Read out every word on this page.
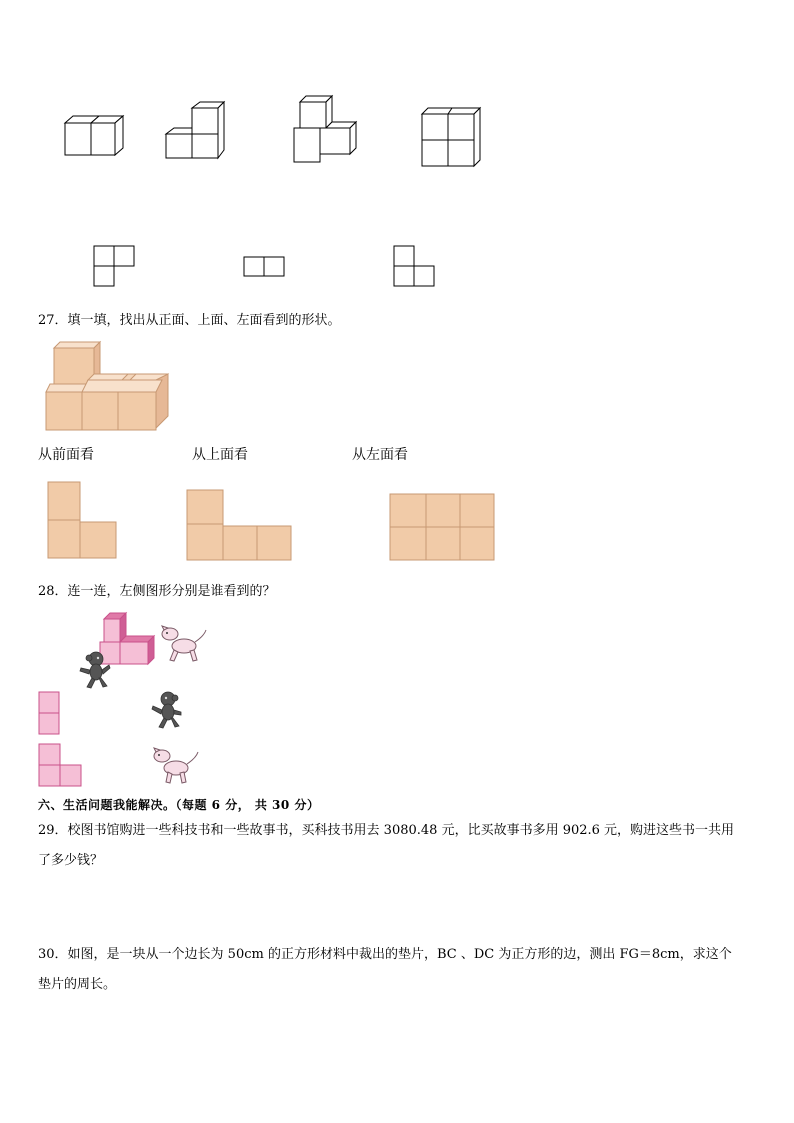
27．填一填，找出从正面、上面、左面看到的形状。
从前面看	从上面看	从左面看
28．连一连，左侧图形分别是谁看到的？
六、生活问题我能解决。（每题 6 分， 共 30 分）
29．校图书馆购进一些科技书和一些故事书，买科技书用去 3080.48 元，比买故事书多用 902.6 元，购进这些书一共用
了多少钱？
30．如图，是一块从一个边长为 50cm 的正方形材料中裁出的垫片，BC 、DC 为正方形的边，测出 FG＝8cm，求这个
垫片的周长。
